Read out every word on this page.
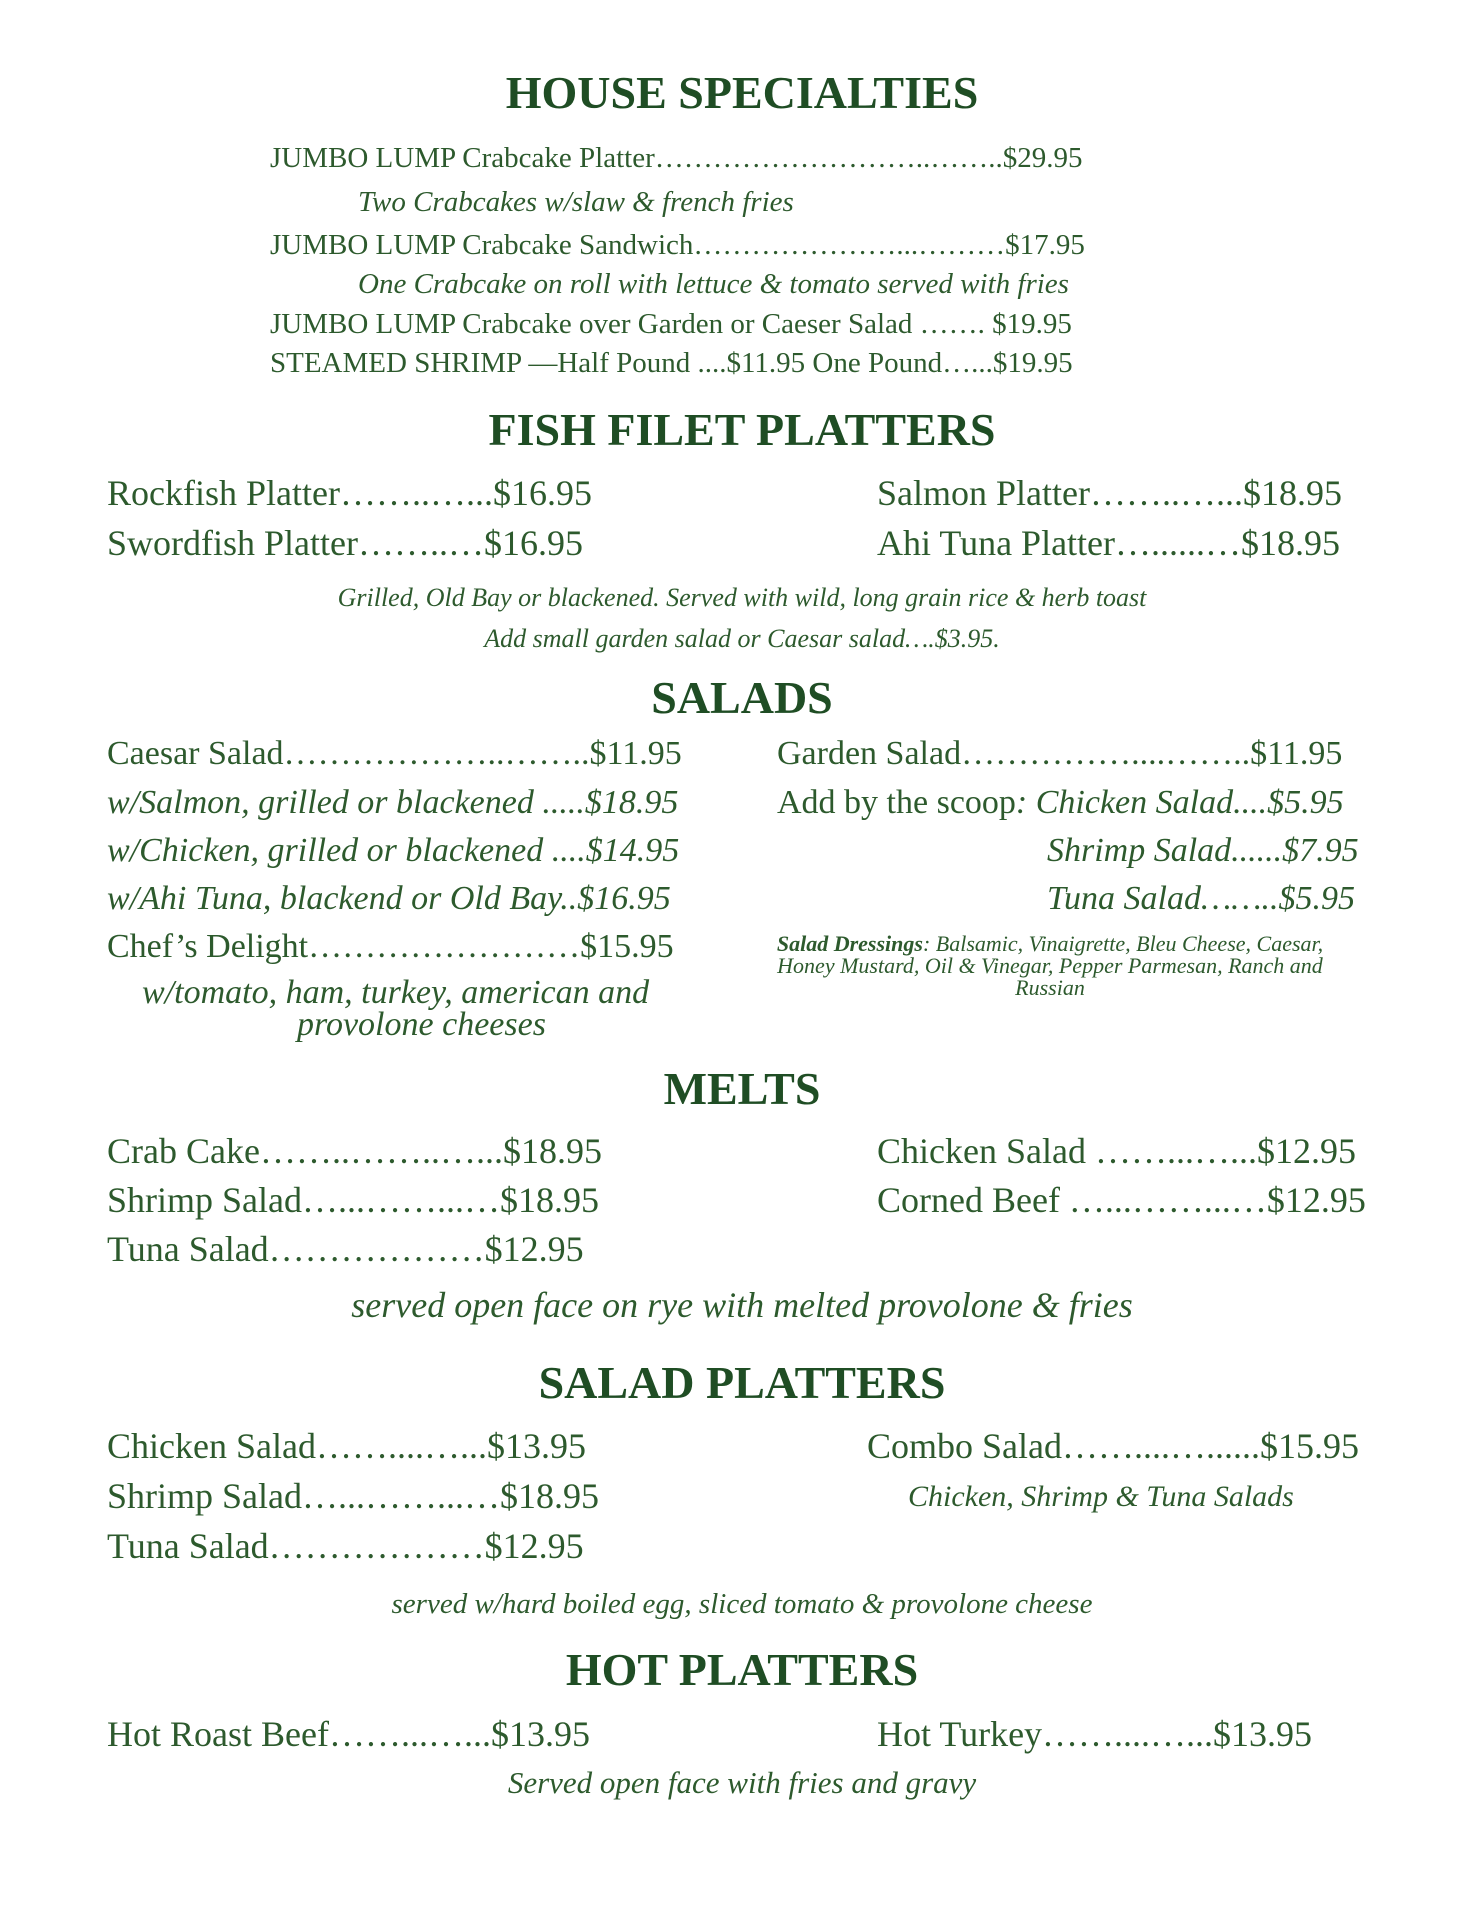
HOUSE SPECIALTIES
JUMBO LUMP Crabcake Platter………………………..……..$29.95
Two Crabcakes w/slaw & french fries
JUMBO LUMP Crabcake Sandwich…………………...………$17.95
One Crabcake on roll with lettuce & tomato served with fries
JUMBO LUMP Crabcake over Garden or Caeser Salad ……. $19.95
STEAMED SHRIMP —Half Pound ....$11.95 One Pound…...$19.95
FISH FILET PLATTERS
Rockfish Platter……..…...$16.95
Swordfish Platter……..…$16.95
Salmon Platter……..…...$18.95
Ahi Tuna Platter…......…$18.95
Grilled, Old Bay or blackened. Served with wild, long grain rice & herb toast
Add small garden salad or Caesar salad….$3.95.
SALADS
Caesar Salad………………..……..$11.95
w/Salmon, grilled or blackened .....$18.95
w/Chicken, grilled or blackened ....$14.95
w/Ahi Tuna, blackend or Old Bay..$16.95
Chef’s Delight……………………$15.95
w/tomato, ham, turkey, american and
provolone cheeses
Garden Salad……………....……..$11.95
Add by the scoop: Chicken Salad....$5.95
Shrimp Salad......$7.95
Tuna Salad……..$5.95
Salad Dressings: Balsamic, Vinaigrette, Bleu Cheese, Caesar, Honey Mustard, Oil & Vinegar, Pepper Parmesan, Ranch and Russian
MELTS
Crab Cake……..……..…...$18.95
Shrimp Salad…...……...…$18.95
Tuna Salad………………$12.95
Chicken Salad ……...…...$12.95
Corned Beef …...……...…$12.95
served open face on rye with melted provolone & fries
SALAD PLATTERS
Chicken Salad……....…...$13.95
Shrimp Salad…...……...…$18.95
Tuna Salad………………$12.95
Combo Salad……....…......$15.95
Chicken, Shrimp & Tuna Salads
served w/hard boiled egg, sliced tomato & provolone cheese
HOT PLATTERS
Hot Roast Beef……...…...$13.95	Hot Turkey……....…...$13.95
Served open face with fries and gravy
